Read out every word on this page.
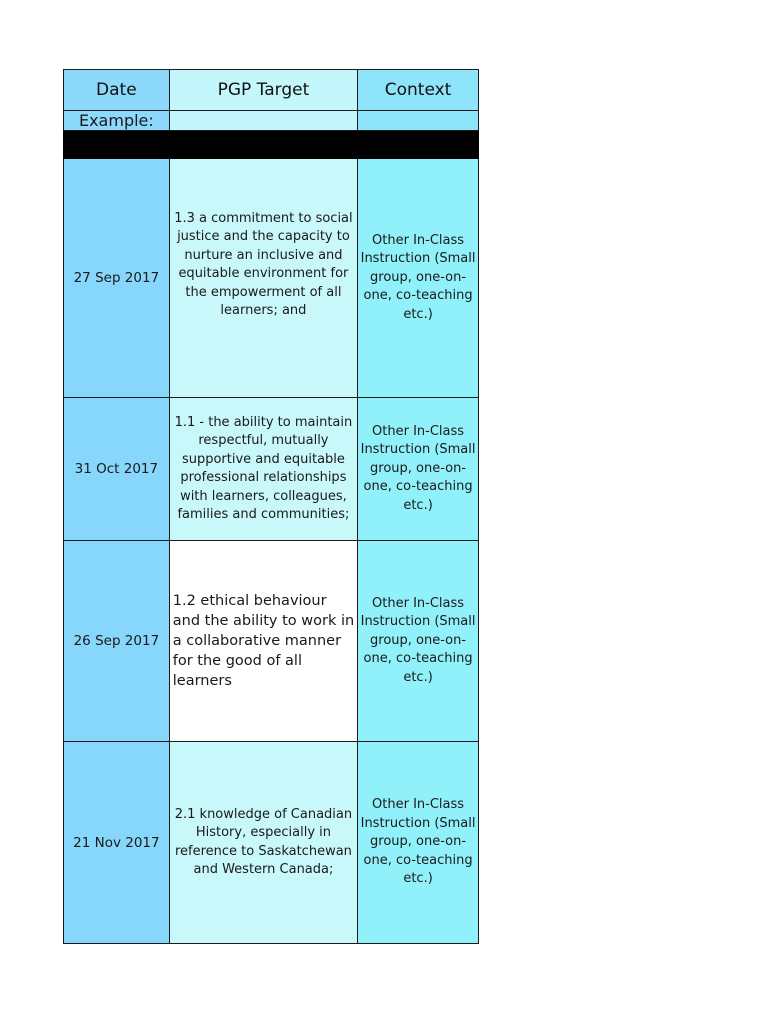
Date	PGP Target	Context
Example:		

27 Sep 2017	1.3 a commitment to social justice and the capacity to nurture an inclusive and equitable environment for the empowerment of all learners; and	Other In-Class Instruction (Small group, one-on-one, co-teaching etc.)
31 Oct 2017	1.1 - the ability to maintain respectful, mutually supportive and equitable professional relationships with learners, colleagues, families and communities;	Other In-Class Instruction (Small group, one-on-one, co-teaching etc.)
26 Sep 2017	1.2 ethical behaviour and the ability to work in a collaborative manner for the good of all learners	Other In-Class Instruction (Small group, one-on-one, co-teaching etc.)
21 Nov 2017	2.1 knowledge of Canadian History, especially in reference to Saskatchewan and Western Canada;	Other In-Class Instruction (Small group, one-on-one, co-teaching etc.)
